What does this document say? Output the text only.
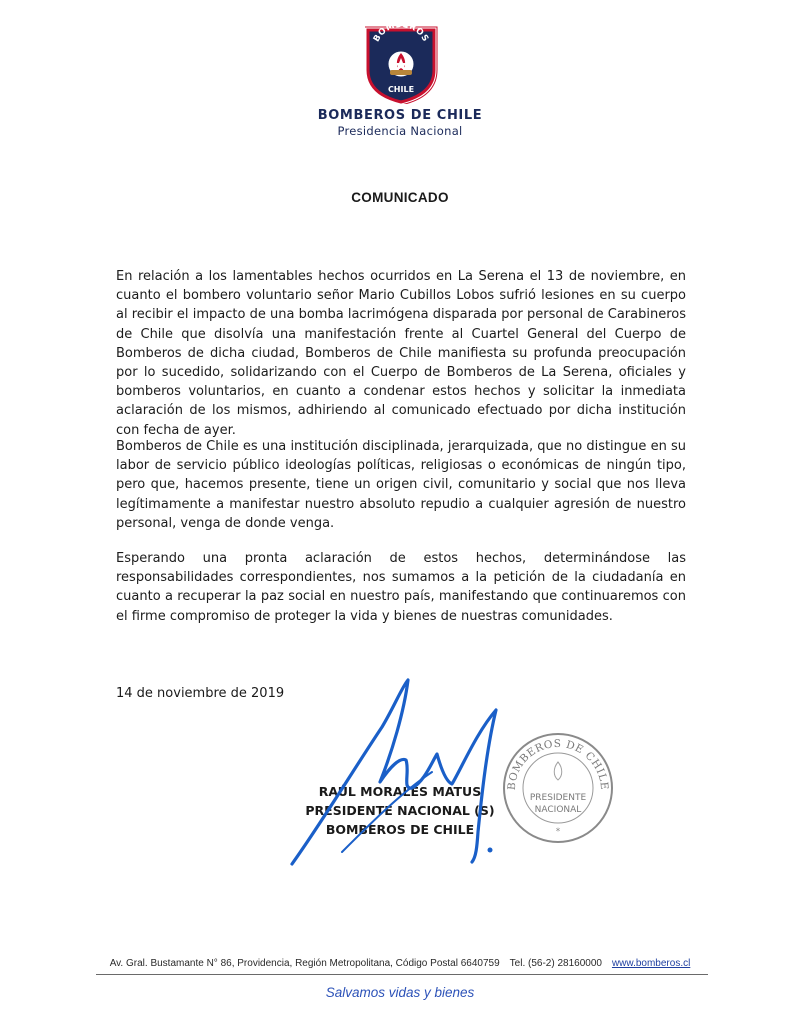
BOMBEROS
CHILE
BOMBEROS DE CHILE
Presidencia Nacional
COMUNICADO

En relación a los lamentables hechos ocurridos en La Serena el 13 de noviembre, en cuanto el bombero voluntario señor Mario Cubillos Lobos sufrió lesiones en su cuerpo al recibir el impacto de una bomba lacrimógena disparada por personal de Carabineros de Chile que disolvía una manifestación frente al Cuartel General del Cuerpo de Bomberos de dicha ciudad, Bomberos de Chile manifiesta su profunda preocupación por lo sucedido, solidarizando con el Cuerpo de Bomberos de La Serena, oficiales y bomberos voluntarios, en cuanto a condenar estos hechos y solicitar la inmediata aclaración de los mismos, adhiriendo al comunicado efectuado por dicha institución con fecha de ayer.

Bomberos de Chile es una institución disciplinada, jerarquizada, que no distingue en su labor de servicio público ideologías políticas, religiosas o económicas de ningún tipo, pero que, hacemos presente, tiene un origen civil, comunitario y social que nos lleva legítimamente a manifestar nuestro absoluto repudio a cualquier agresión de nuestro personal, venga de donde venga.

Esperando una pronta aclaración de estos hechos, determinándose las responsabilidades correspondientes, nos sumamos a la petición de la ciudadanía en cuanto a recuperar la paz social en nuestro país, manifestando que continuaremos con el firme compromiso de proteger la vida y bienes de nuestras comunidades.

14 de noviembre de 2019

RAÚL MORALES MATUS
PRESIDENTE NACIONAL (S)
BOMBEROS DE CHILE
BOMBEROS DE CHILE
PRESIDENTE
NACIONAL
*
Av. Gral. Bustamante N° 86, Providencia, Región Metropolitana, Código Postal 6640759 Tel. (56-2) 28160000 www.bomberos.cl
Salvamos vidas y bienes
